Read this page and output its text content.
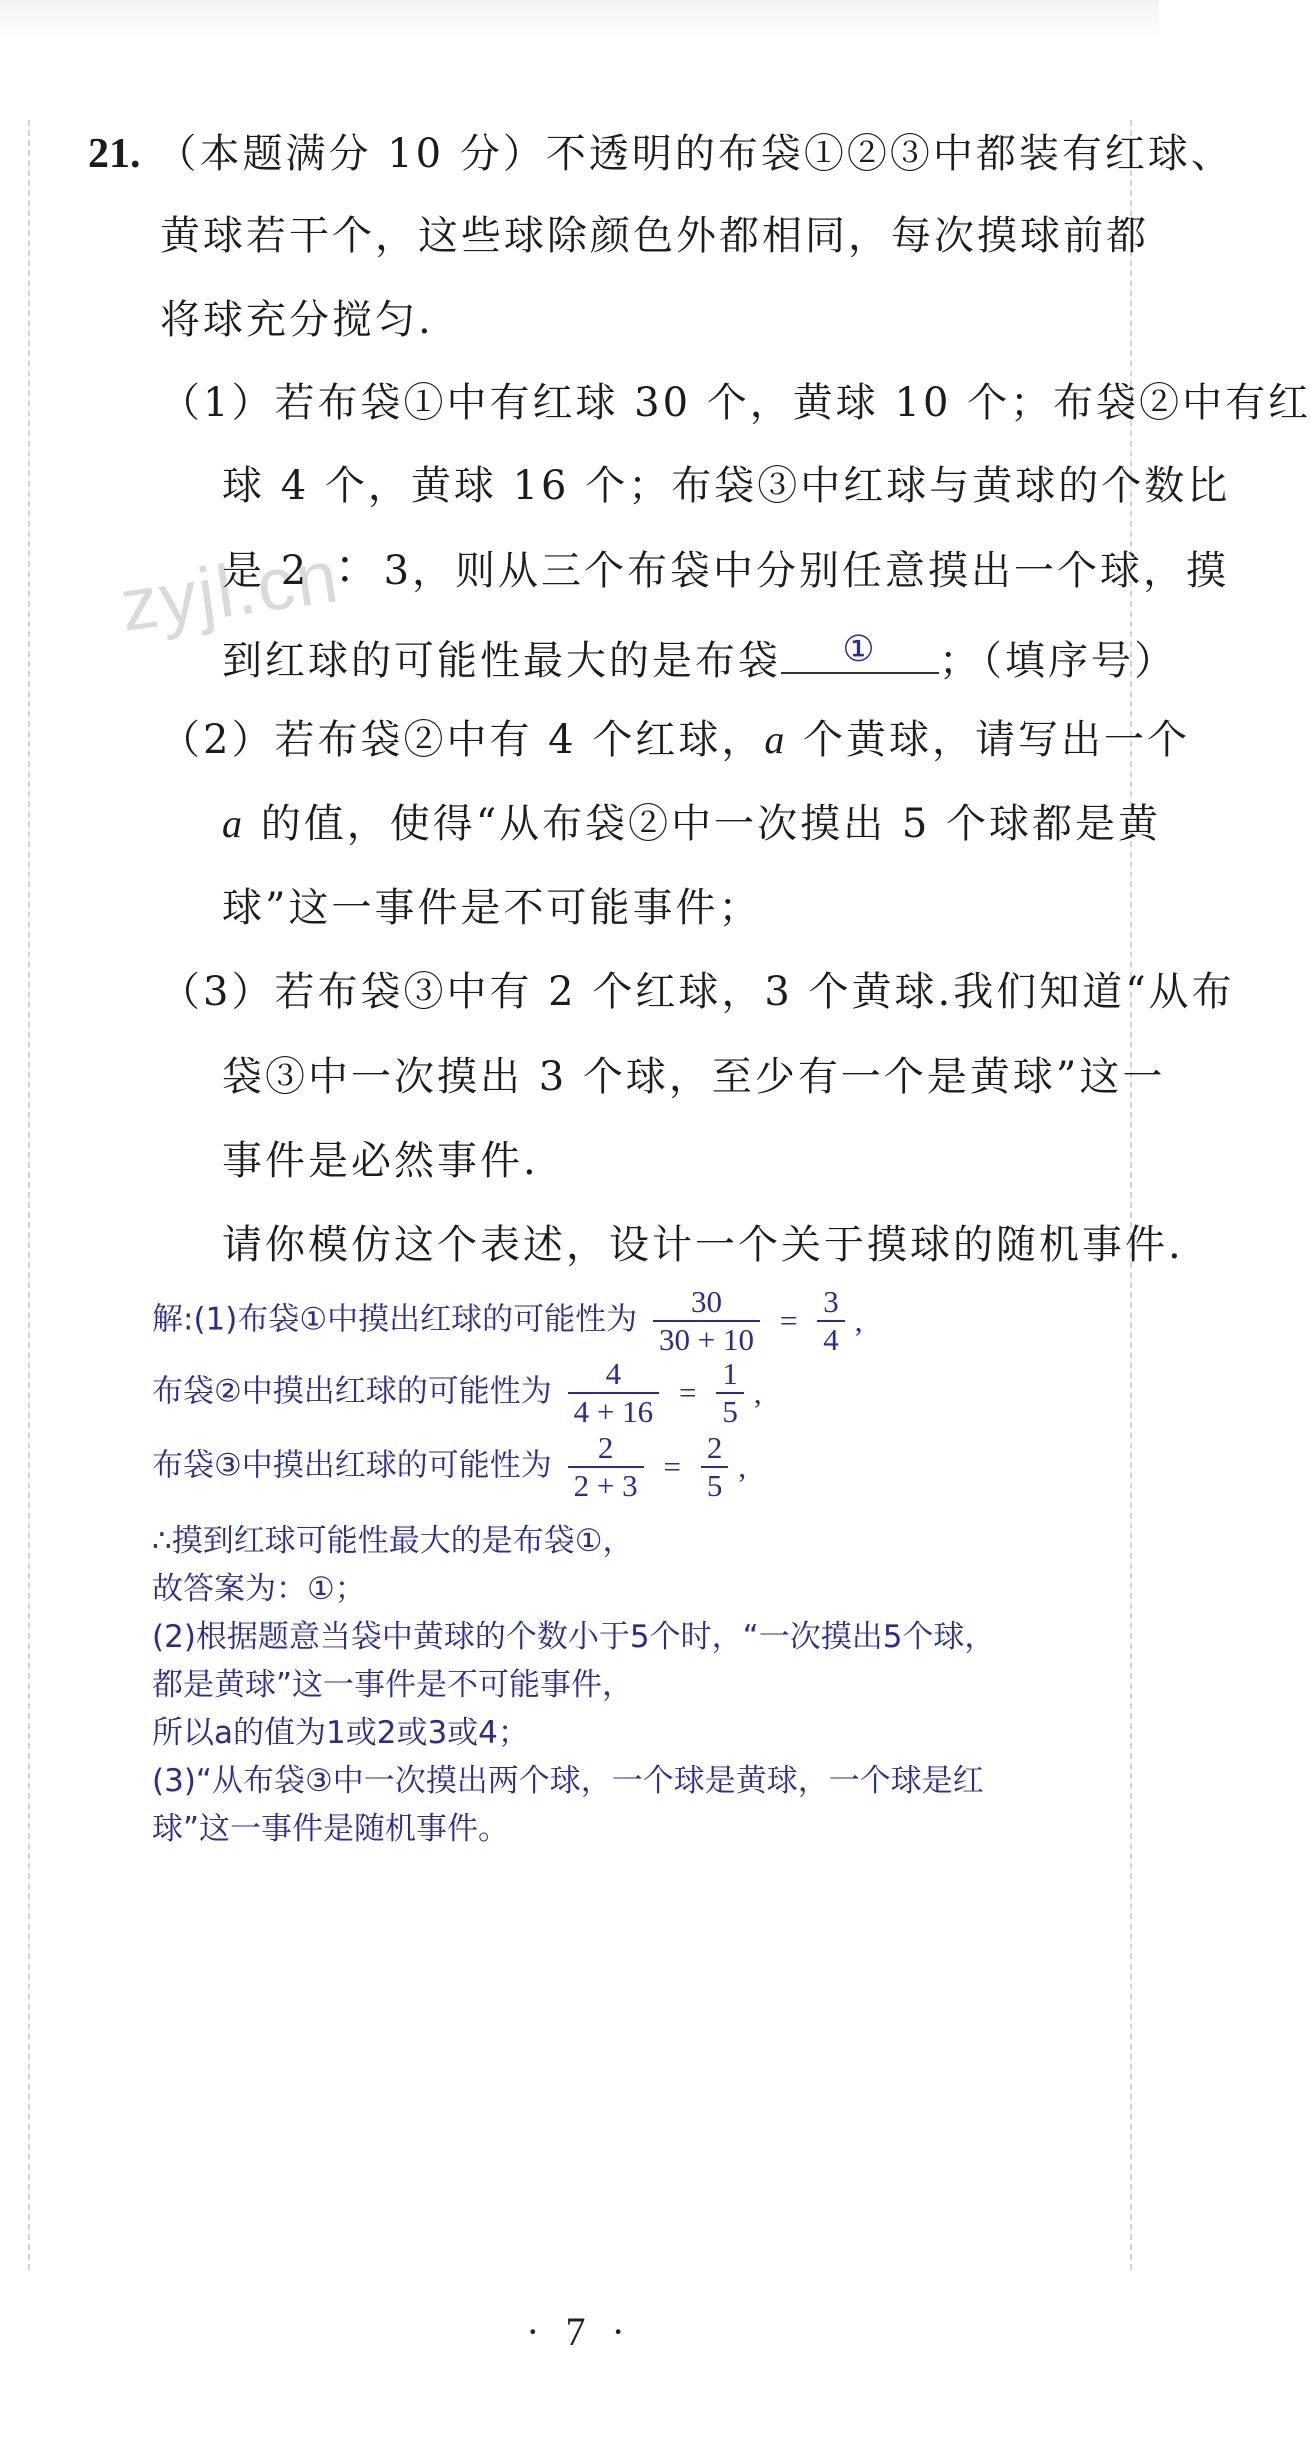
zyjl.cn
21. （本题满分 10 分）不透明的布袋①②③中都装有红球、
黄球若干个，这些球除颜色外都相同，每次摸球前都
将球充分搅匀.
（1）若布袋①中有红球 30 个，黄球 10 个；布袋②中有红
球 4 个，黄球 16 个；布袋③中红球与黄球的个数比
是 2 ∶ 3，则从三个布袋中分别任意摸出一个球，摸
到红球的可能性最大的是布袋	①	；（填序号）
（2）若布袋②中有 4 个红球，a 个黄球，请写出一个
a 的值，使得“从布袋②中一次摸出 5 个球都是黄
球”这一事件是不可能事件；
（3）若布袋③中有 2 个红球，3 个黄球.我们知道“从布
袋③中一次摸出 3 个球，至少有一个是黄球”这一
事件是必然事件.
请你模仿这个表述，设计一个关于摸球的随机事件.
解:(1)布袋①中摸出红球的可能性为 $\frac{30}{30 + 10} = \frac{3}{4}$ ,
布袋②中摸出红球的可能性为 $\frac{4}{4 + 16} = \frac{1}{5}$ ,
布袋③中摸出红球的可能性为 $\frac{2}{2 + 3} = \frac{2}{5}$ ,
∴摸到红球可能性最大的是布袋①，
故答案为：①；
(2)根据题意当袋中黄球的个数小于5个时，“一次摸出5个球，
都是黄球”这一事件是不可能事件，
所以a的值为1或2或3或4；
(3)“从布袋③中一次摸出两个球，一个球是黄球，一个球是红
球”这一事件是随机事件。
· 7 ·
